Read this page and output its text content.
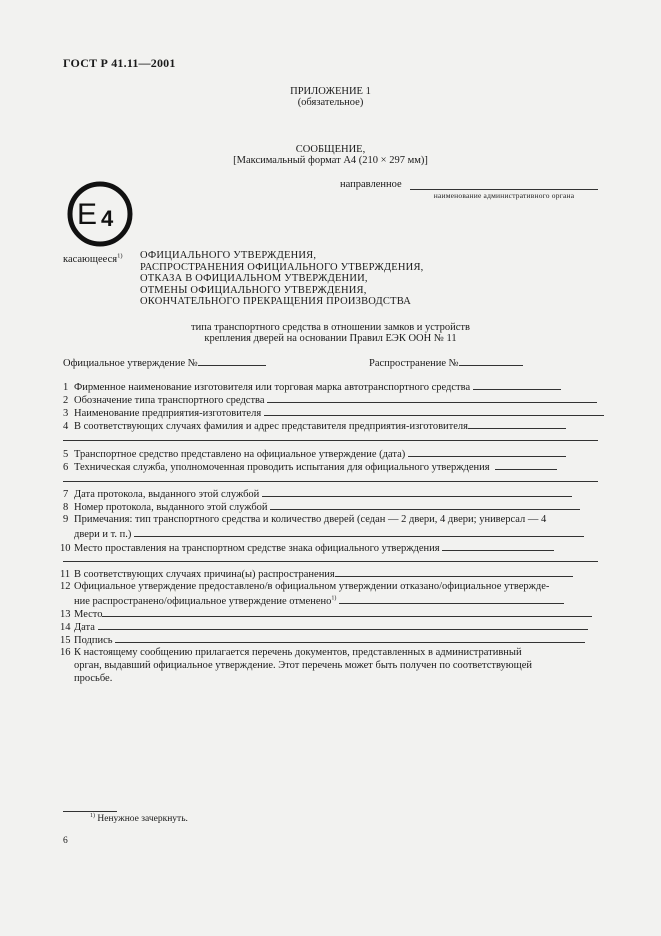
ГОСТ Р 41.11—2001
ПРИЛОЖЕНИЕ 1
(обязательное)
СООБЩЕНИЕ,
[Максимальный формат A4 (210 × 297 мм)]
направленное
наименование административного органа
E 4
касающееся$^{1)}$ ОФИЦИАЛЬНОГО УТВЕРЖДЕНИЯ,
РАСПРОСТРАНЕНИЯ ОФИЦИАЛЬНОГО УТВЕРЖДЕНИЯ,
ОТКАЗА В ОФИЦИАЛЬНОМ УТВЕРЖДЕНИИ,
ОТМЕНЫ ОФИЦИАЛЬНОГО УТВЕРЖДЕНИЯ,
ОКОНЧАТЕЛЬНОГО ПРЕКРАЩЕНИЯ ПРОИЗВОДСТВА
типа транспортного средства в отношении замков и устройств
крепления дверей на основании Правил ЕЭК ООН № 11
Официальное утверждение №	Распространение №
1 Фирменное наименование изготовителя или торговая марка автотранспортного средства
2 Обозначение типа транспортного средства
3 Наименование предприятия-изготовителя
4 В соответствующих случаях фамилия и адрес представителя предприятия-изготовителя
5 Транспортное средство представлено на официальное утверждение (дата)
6 Техническая служба, уполномоченная проводить испытания для официального утверждения
7 Дата протокола, выданного этой службой
8 Номер протокола, выданного этой службой
9 Примечания: тип транспортного средства и количество дверей (седан — 2 двери, 4 двери; универсал — 4
двери и т. п.)
10 Место проставления на транспортном средстве знака официального утверждения
11 В соответствующих случаях причина(ы) распространения
12 Официальное утверждение предоставлено/в официальном утверждении отказано/официальное утвержде-
ние распространено/официальное утверждение отменено$^{1)}$
13 Место
14 Дата
15 Подпись
16 К настоящему сообщению прилагается перечень документов, представленных в административный
орган, выдавший официальное утверждение. Этот перечень может быть получен по соответствующей
просьбе.
$^{1)}$ Ненужное зачеркнуть.
6
